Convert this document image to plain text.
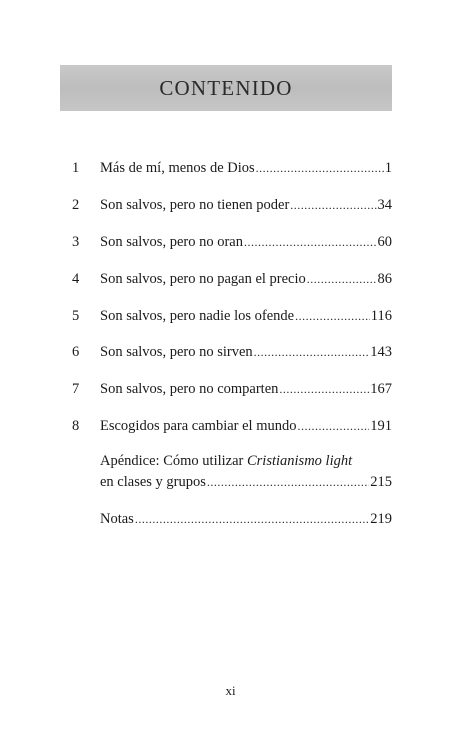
CONTENIDO
1	Más de mí, menos de Dios .....	1
2	Son salvos, pero no tienen poder .....	34
3	Son salvos, pero no oran .....	60
4	Son salvos, pero no pagan el precio .....	86
5	Son salvos, pero nadie los ofende .....	116
6	Son salvos, pero no sirven .....	143
7	Son salvos, pero no comparten .....	167
8	Escogidos para cambiar el mundo .....	191
Apéndice: Cómo utilizar Cristianismo light
en clases y grupos .....	215
Notas .....	219
xi
